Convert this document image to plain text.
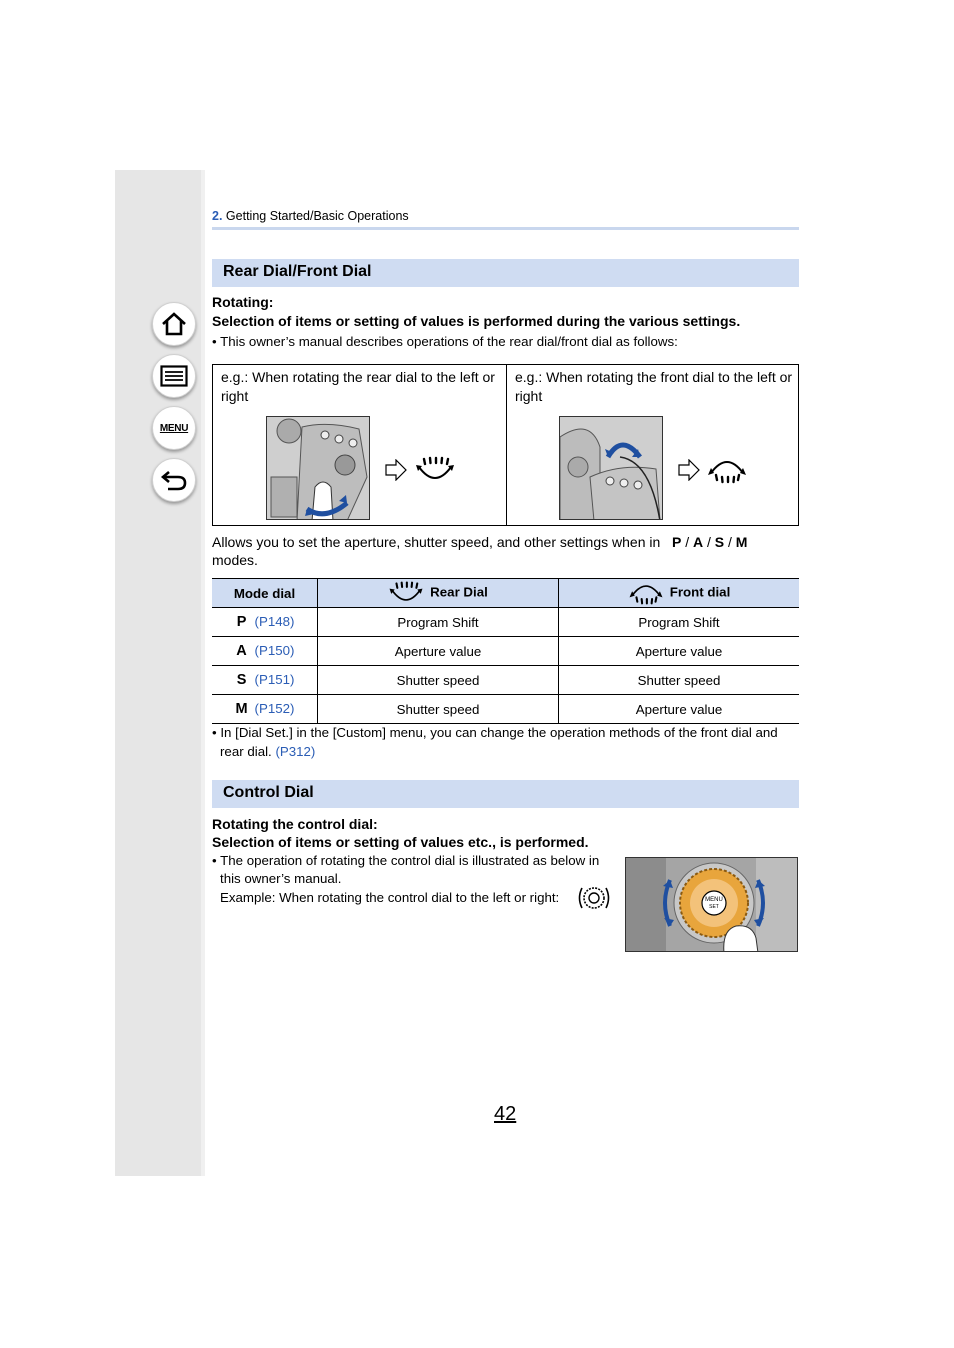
MENU
2. Getting Started/Basic Operations
Rear Dial/Front Dial
Rotating:
Selection of items or setting of values is performed during the various settings.
• This owner’s manual describes operations of the rear dial/front dial as follows:
e.g.: When rotating the rear dial to the left or right
e.g.: When rotating the front dial to the left or right
Allows you to set the aperture, shutter speed, and other settings when in P / A / S / M
modes.
Mode dial	Rear Dial	Front dial
P (P148)	Program Shift	Program Shift
A (P150)	Aperture value	Aperture value
S (P151)	Shutter speed	Shutter speed
M (P152)	Shutter speed	Aperture value
• In [Dial Set.] in the [Custom] menu, you can change the operation methods of the front dial and
rear dial. (P312)
Control Dial
Rotating the control dial:
Selection of items or setting of values etc., is performed.
• The operation of rotating the control dial is illustrated as below in
this owner’s manual.
Example: When rotating the control dial to the left or right:	MENU
SET
42
